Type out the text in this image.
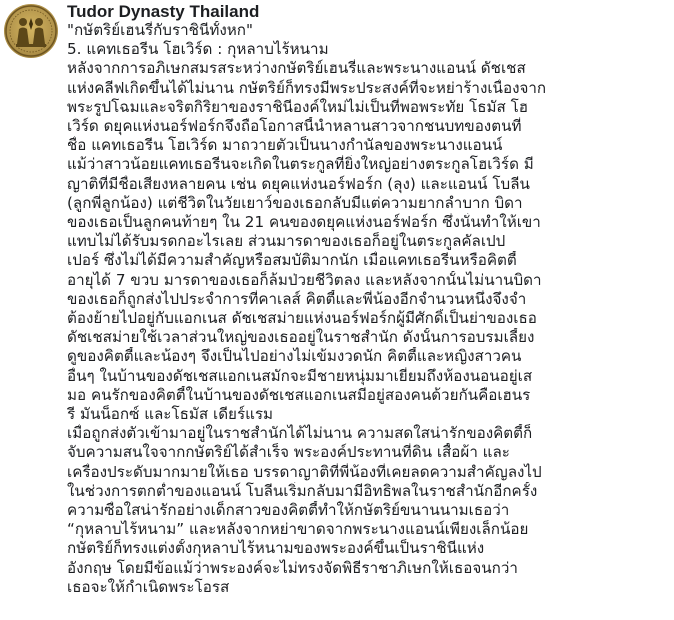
Tudor Dynasty Thailand
"กษัตริย์เฮนรี่กับราชินีทั้งหก"
5. แคทเธอรีน โฮเวิร์ด : กุหลาบไร้หนาม
หลังจากการอภิเษกสมรสระหว่างกษัตริย์เฮนรี่และพระนางแอนน์ ดัชเชส
แห่งคลีฟเกิดขึ้นได้ไม่นาน กษัตริย์ก็ทรงมีพระประสงค์ที่จะหย่าร้างเนื่องจาก
พระรูปโฉมและจริตกิริยาของราชินีองค์ใหม่ไม่เป็นที่พอพระทัย โธมัส โฮ
เวิร์ด ดยุคแห่งนอร์ฟอร์กจึงถือโอกาสนี้นำหลานสาวจากชนบทของตนที่
ชื่อ แคทเธอรีน โฮเวิร์ด มาถวายตัวเป็นนางกำนัลของพระนางแอนน์
แม้ว่าสาวน้อยแคทเธอรีนจะเกิดในตระกูลที่ยิ่งใหญ่อย่างตระกูลโฮเวิร์ด มี
ญาติที่มีชื่อเสียงหลายคน เช่น ดยุคแห่งนอร์ฟอร์ก (ลุง) และแอนน์ โบลีน
(ลูกพี่ลูกน้อง) แต่ชีวิตในวัยเยาว์ของเธอกลับมีแต่ความยากลำบาก บิดา
ของเธอเป็นลูกคนท้ายๆ ใน 21 คนของดยุคแห่งนอร์ฟอร์ก ซึ่งนั่นทำให้เขา
แทบไม่ได้รับมรดกอะไรเลย ส่วนมารดาของเธอก็อยู่ในตระกูลคัลเปป
เปอร์ ซึ่งไม่ได้มีความสำคัญหรือสมบัติมากนัก เมื่อแคทเธอรีนหรือคิตตี้
อายุได้ 7 ขวบ มารดาของเธอก็ล้มป่วยชีวิตลง และหลังจากนั้นไม่นานบิดา
ของเธอก็ถูกส่งไปประจำการที่คาเลส์ คิตตี้และพี่น้องอีกจำนวนหนึ่งจึงจำ
ต้องย้ายไปอยู่กับแอกเนส ดัชเชสม่ายแห่งนอร์ฟอร์กผู้มีศักดิ์เป็นย่าของเธอ
ดัชเชสม่ายใช้เวลาส่วนใหญ่ของเธออยู่ในราชสำนัก ดังนั้นการอบรมเลี้ยง
ดูของคิตตี้และน้องๆ จึงเป็นไปอย่างไม่เข้มงวดนัก คิตตี้และหญิงสาวคน
อื่นๆ ในบ้านของดัชเชสแอกเนสมักจะมีชายหนุ่มมาเยี่ยมถึงห้องนอนอยู่เส
มอ คนรักของคิตตี้ในบ้านของดัชเชสแอกเนสมีอยู่สองคนด้วยกันคือเฮนร
รี มันน็อกซ์ และโธมัส เดียร์แรม
เมื่อถูกส่งตัวเข้ามาอยู่ในราชสำนักได้ไม่นาน ความสดใสน่ารักของคิตตี้ก็
จับความสนใจจากกษัตริย์ได้สำเร็จ พระองค์ประทานที่ดิน เสื้อผ้า และ
เครื่องประดับมากมายให้เธอ บรรดาญาติที่พี่น้องที่เคยลดความสำคัญลงไป
ในช่วงการตกต่ำของแอนน์ โบลีนเริ่มกลับมามีอิทธิพลในราชสำนักอีกครั้ง
ความซื่อใสน่ารักอย่างเด็กสาวของคิตตี้ทำให้กษัตริย์ขนานนามเธอว่า
“กุหลาบไร้หนาม” และหลังจากหย่าขาดจากพระนางแอนน์เพียงเล็กน้อย
กษัตริย์ก็ทรงแต่งตั้งกุหลาบไร้หนามของพระองค์ขึ้นเป็นราชินีแห่ง
อังกฤษ โดยมีข้อแม้ว่าพระองค์จะไม่ทรงจัดพิธีราชาภิเษกให้เธอจนกว่า
เธอจะให้กำเนิดพระโอรส
